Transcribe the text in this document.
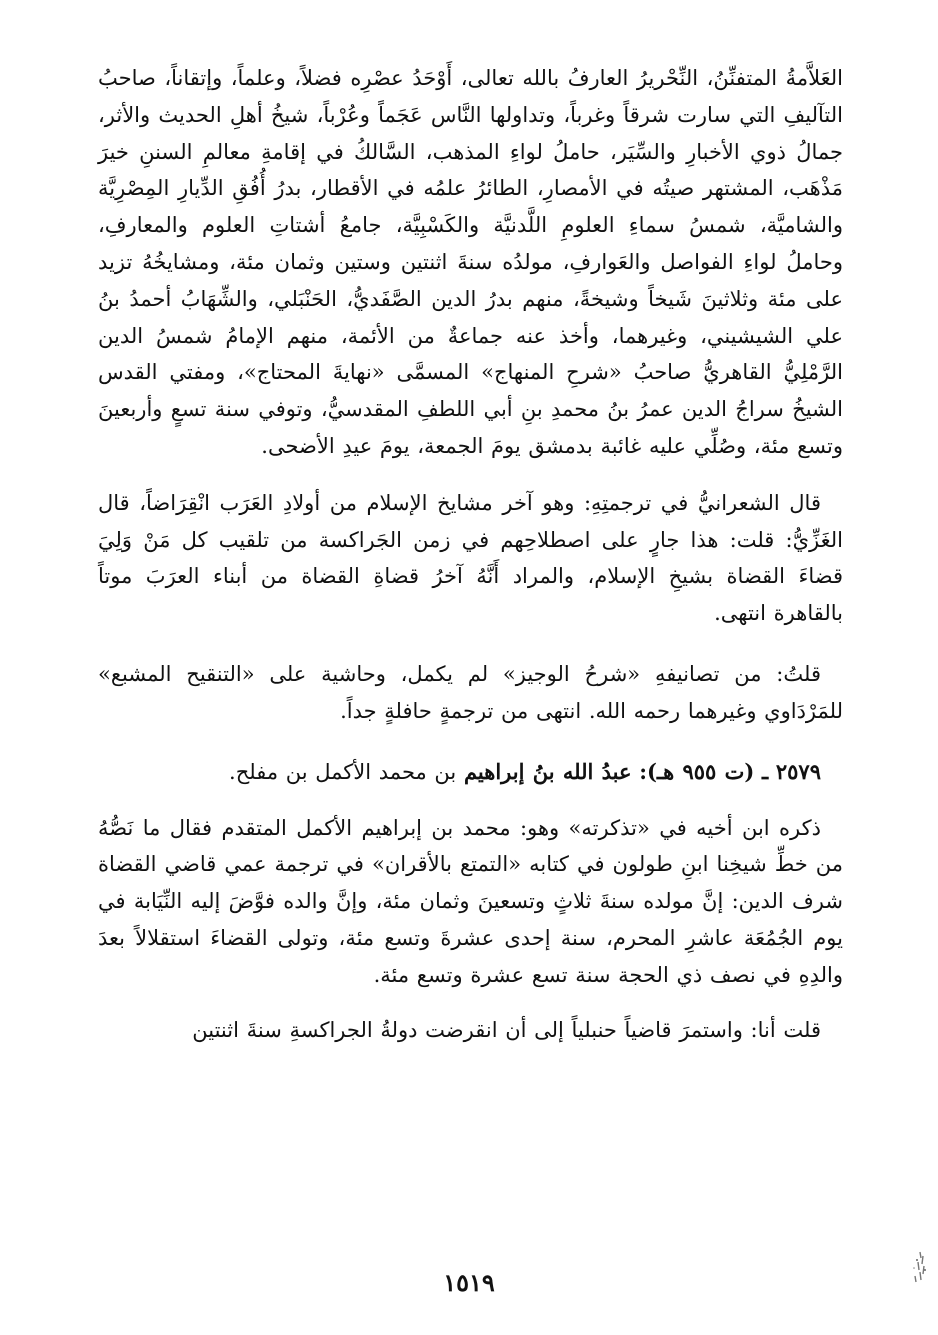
العَلاَّمةُ المتفنِّنُ، النِّحْريرُ العارفُ بالله تعالى، أَوْحَدُ عصْرِه فضلاً، وعلماً، وإتقاناً، صاحبُ التآليفِ التي سارت شرقاً وغرباً، وتداولها النَّاس عَجَماً وعُرْباً، شيخُ أهلِ الحديث والأثر، جمالُ ذوي الأخبارِ والسِّيَر، حاملُ لواءِ المذهب، السَّالكُ في إقامةِ معالمِ السننِ خيرَ مَذْهَب، المشتهر صيتُه في الأمصارِ، الطائرُ علمُه في الأقطار، بدرُ أُفُقِ الدِّيارِ المِصْرِيَّة والشاميَّة، شمسُ سماءِ العلومِ اللَّدنيَّة والكَسْبِيَّة، جامعُ أشتاتِ العلوم والمعارفِ، وحاملُ لواءِ الفواصل والعَوارفِ، مولدُه سنةَ اثنتين وستين وثمان مئة، ومشايخُهُ تزيد على مئة وثلاثينَ شَيخاً وشيخةً، منهم بدرُ الدين الصَّفَديُّ، الحَنْبَلي، والشِّهَابُ أحمدُ بنُ علي الشيشيني، وغيرهما، وأخذ عنه جماعةٌ من الأئمة، منهم الإمامُ شمسُ الدين الرَّمْلِيُّ القاهريُّ صاحبُ «شرحِ المنهاج» المسمَّى «نهايةَ المحتاج»، ومفتي القدس الشيخُ سراجُ الدين عمرُ بنُ محمدِ بنِ أبي اللطفِ المقدسيُّ، وتوفي سنة تسعٍ وأربعينَ وتسع مئة، وصُلِّي عليه غائبة بدمشق يومَ الجمعة، يومَ عيدِ الأضحى.

قال الشعرانيُّ في ترجمتِهِ: وهو آخر مشايخ الإسلام من أولادِ العَرَب انْقِرَاضاً، قال الغَزِّيُّ: قلت: هذا جارٍ على اصطلاحِهم في زمن الجَراكسة من تلقيب كل مَنْ وَلِيَ قضاءَ القضاة بشيخِ الإسلام، والمراد أَنَّهُ آخرُ قضاةِ القضاة من أبناء العرَبَ موتاً بالقاهرة انتهى.

قلتُ: من تصانيفهِ «شرحُ الوجيز» لم يكمل، وحاشية على «التنقيح المشبع» للمَرْدَاوي وغيرهما رحمه الله. انتهى من ترجمةٍ حافلةٍ جداً.

٢٥٧٩ ـ (ت ٩٥٥ هـ): عبدُ الله بنُ إبراهيم بن محمد الأكمل بن مفلح.

ذكره ابن أخيه في «تذكرته» وهو: محمد بن إبراهيم الأكمل المتقدم فقال ما نَصُّهُ من خطِّ شيخِنا ابنِ طولون في كتابه «التمتع بالأقران» في ترجمة عمي قاضي القضاة شرف الدين: إنَّ مولده سنةَ ثلاثٍ وتسعينَ وثمان مئة، وإنَّ والده فوَّضَ إليه النِّيَابة في يوم الجُمُعَة عاشرِ المحرم، سنة إحدى عشرةَ وتسع مئة، وتولى القضاءَ استقلالاً بعدَ والدِهِ في نصف ذي الحجة سنة تسع عشرة وتسع مئة.

قلت أنا: واستمرَ قاضياً حنبلياً إلى أن انقرضت دولةُ الجراكسةِ سنةَ اثنتين

١٥١٩
